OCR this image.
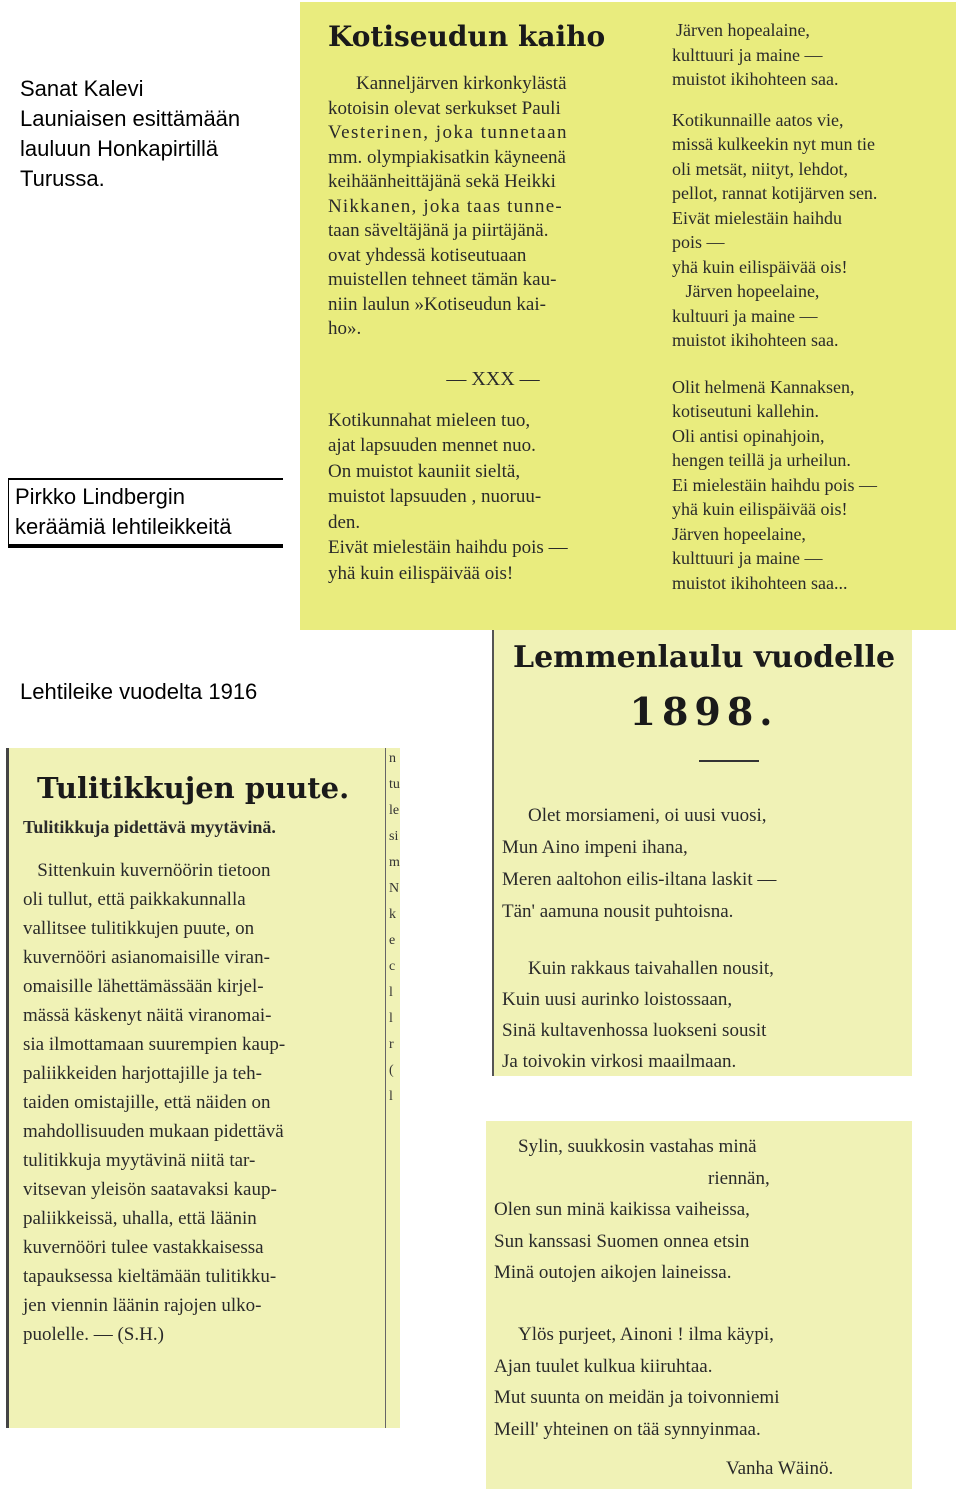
Sanat Kalevi
Launiaisen esittämään
lauluun Honkapirtillä
Turussa.
Pirkko Lindbergin
keräämiä lehtileikkeitä
Lehtileike vuodelta 1916
Kotiseudun kaiho

Kanneljärven kirkonkylästä

kotoisin olevat serkukset Pauli

Vesterinen, joka tunnetaan

mm. olympiakisatkin käyneenä

keihäänheittäjänä sekä Heikki

Nikkanen, joka taas tunne-

taan säveltäjänä ja piirtäjänä.

ovat yhdessä kotiseutuaan

muistellen tehneet tämän kau-

niin laulun »Kotiseudun kai-

ho».

— XXX —

Kotikunnahat mieleen tuo,

ajat lapsuuden mennet nuo.

On muistot kauniit sieltä,

muistot lapsuuden , nuoruu-

den.

Eivät mielestäin haihdu pois —

yhä kuin eilispäivää ois!

Järven hopealaine,

kulttuuri ja maine —

muistot ikihohteen saa.

Kotikunnaille aatos vie,

missä kulkeekin nyt mun tie

oli metsät, niityt, lehdot,

pellot, rannat kotijärven sen.

Eivät mielestäin haihdu

pois —

yhä kuin eilispäivää ois!

Järven hopeelaine,

kultuuri ja maine —

muistot ikihohteen saa.

Olit helmenä Kannaksen,

kotiseutuni kallehin.

Oli antisi opinahjoin,

hengen teillä ja urheilun.

Ei mielestäin haihdu pois —

yhä kuin eilispäivää ois!

Järven hopeelaine,

kulttuuri ja maine —

muistot ikihohteen saa...

Tulitikkujen puute.
Tulitikkuja pidettävä myytävinä.

Sittenkuin kuvernöörin tietoon

oli tullut, että paikkakunnalla

vallitsee tulitikkujen puute, on

kuvernööri asianomaisille viran-

omaisille lähettämässään kirjel-

mässä käskenyt näitä viranomai-

sia ilmottamaan suurempien kaup-

paliikkeiden harjottajille ja teh-

taiden omistajille, että näiden on

mahdollisuuden mukaan pidettävä

tulitikkuja myytävinä niitä tar-

vitsevan yleisön saatavaksi kaup-

paliikkeissä, uhalla, että läänin

kuvernööri tulee vastakkaisessa

tapauksessa kieltämään tulitikku-

jen viennin läänin rajojen ulko-

puolelle. — (S.H.)

n
tu
le
si
m
N
k
e
c
l
l
r
(
l
Lemmenlaulu vuodelle
1898.

Olet morsiameni, oi uusi vuosi,

Mun Aino impeni ihana,

Meren aaltohon eilis-iltana laskit —

Tän' aamuna nousit puhtoisna.

Kuin rakkaus taivahallen nousit,

Kuin uusi aurinko loistossaan,

Sinä kultavenhossa luokseni sousit

Ja toivokin virkosi maailmaan.

Sylin, suukkosin vastahas minä

riennän,

Olen sun minä kaikissa vaiheissa,

Sun kanssasi Suomen onnea etsin

Minä outojen aikojen laineissa.

Ylös purjeet, Ainoni ! ilma käypi,

Ajan tuulet kulkua kiiruhtaa.

Mut suunta on meidän ja toivonniemi

Meill' yhteinen on tää synnyinmaa.

Vanha Wäinö.
